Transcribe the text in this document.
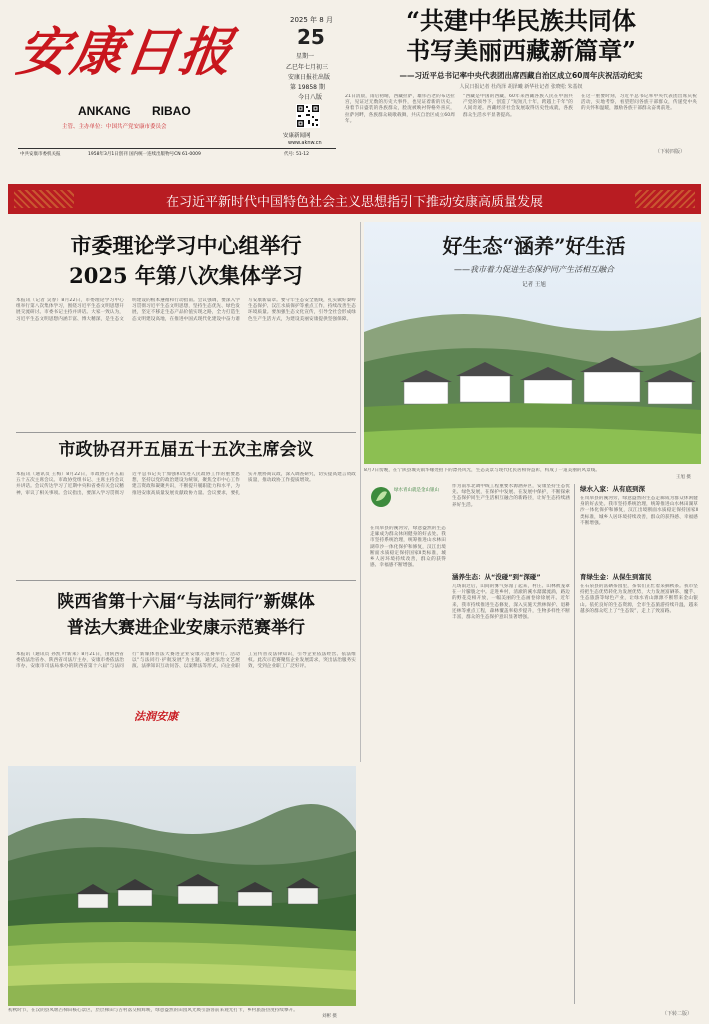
安康日报
ANKANG RIBAO
主管、主办单位：中国共产党安康市委员会
2025 年 8 月
25
星期一
乙巳年七月初三
安康日报社出版
第 19858 期
今日八版
安康新闻网
www.aknw.cn
中共安康市委机关报	1958年3月1日创刊 国内统一连续出版物号CN 61-0009	代号: 51-12
“共建中华民族共同体
书写美丽西藏新篇章”
——习近平总书记率中央代表团出席西藏自治区成立60周年庆祝活动纪实
人民日报记者 杜尚泽 胡泽曦 新华社记者 张晓松 朱基钗
21日清晨，雨后初晴，西藏拉萨，雄伟古老的布达拉宫，见证过无数的历史大事件，也见证着新的历史。身着节日盛装的各族群众，脸庞被映衬得格外喜庆，拉萨河畔，各族群众载歌载舞，共庆自治区成立60周年。
“西藏是中国的西藏，60年来西藏各族人民在中国共产党的领导下，创造了“短短几十年，跨越上千年”的人间奇迹。西藏经济社会发展取得历史性成就，各族群众生活水平显著提高。
在这一重要时刻，习近平总书记率中央代表团出席庆祝活动，实地考察，看望慰问各族干部群众，传递党中央的关怀和温暖，激励各族干部群众奋勇前进。
（下转四版）
在习近平新时代中国特色社会主义思想指引下推动安康高质量发展
市委理论学习中心组举行
2025 年第八次集体学习
本报讯（记者 吴春）8月22日，市委理论学习中心组举行第八次集体学习，围绕习近平生态文明思想开展交流研讨。市委书记主持并讲话。大家一致认为，习近平生态文明思想内涵丰富、博大精深，是生态文明建设的根本遵循和行动指南。会议强调，要深入学习贯彻习近平生态文明思想，坚持生态优先、绿色发展，坚定不移走生态产品价值实现之路，全力打造生态文明建设高地，在推进中国式现代化建设中奋力谱写安康新篇章。要守牢生态安全底线，扎实做好秦岭生态保护、汉江水质保护等重点工作，持续改善生态环境质量。要加强生态文化宣传，引导全社会形成绿色生产生活方式，为建设美丽安康提供坚强保障。
市政协召开五届五十五次主席会议
本报讯（通讯员 王梅）8月22日，市政协召开五届五十五次主席会议。市政协党组书记、主席主持会议并讲话。会议传达学习了近期中央和省委有关会议精神，审议了相关事项。会议指出，要深入学习贯彻习近平总书记关于加强和改进人民政协工作的重要思想，坚持以党的政治建设为统领，聚焦全市中心工作建言资政和凝聚共识，不断提升履职能力和水平，为推进安康高质量发展贡献政协力量。会议要求，要扎实开展协商议政，深入调查研究，切实提高建言资政质量，推动政协工作提质增效。
陕西省第十六届“与法同行”新媒体
普法大赛进企业安康示范赛举行
本报讯（通讯员 孙凯 叶新莱）8月21日，由陕西省委依法治省办、陕西省司法厅主办，安康市委依法治市办、安康市司法局承办的陕西省第十六届“与法同行”新媒体普法大赛进企业安康示范赛举行。活动以“与法同行·护航发展”为主题，通过法治文艺展演、法律知识互动问答、以案释法等形式，向企业职工宣传普及法律知识，引导企业依法经营、依法维权。此次示范赛聚焦企业发展需求，突出法治服务实效，受到企业职工广泛好评。
法润安康
初秋时节，在汉阴县凤堰古梯田核心景区，层层梯田与古村落交相辉映，绿意盎然的田园风光吸引游客前来观光打卡，乡村旅游热度持续攀升。
刘彬 摄
好生态“涵养”好生活
——我市着力促进生态保护同产生活相互融合
记者 王旭
8月7日傍晚，在宁陕县城关镇华缘处拍下的漂亮风光，生态美景与现代化民居相得益彰，构成了一道美丽的风景线。
王旭 摄
绿水青山就是金山银山
作为南水北调中线工程重要水源涵养区，安康坚持生态优先、绿色发展，在保护中发展、在发展中保护，不断探索生态保护同生产生活相互融合的新路径，让好生态持续涵养好生活。
涵养生态：从“没碰”到“深碰”
几场雨过后，山间的雾气弥漫了起来，村庄、山林被笼罩在一片朦胧之中。走进乡村，清澈的溪水潺潺流淌，路边的野花竞相开放，一幅美丽的生态画卷徐徐展开。近年来，我市持续推进生态修复，深入实施天然林保护、退耕还林等重点工程，森林覆盖率稳步提升，生物多样性不断丰富，群众的生态保护意识显著增强。
在岚皋县的溪河旁，绿意盎然的生态走廊成为群众休闲健身的好去处。我市坚持系统治理，统筹推进山水林田湖草沙一体化保护和修复，汉江出境断面水质稳定保持国家Ⅱ类标准，城乡人居环境持续改善，群众的获得感、幸福感不断增强。
绿水入家：从有底到深
在岚皋县的溪河旁，绿意盎然的生态走廊成为群众休闲健身的好去处。我市坚持系统治理，统筹推进山水林田湖草沙一体化保护和修复，汉江出境断面水质稳定保持国家Ⅱ类标准，城乡人居环境持续改善，群众的获得感、幸福感不断增强。
育绿生金：从保生到富民
在石泉县的富硒茶园里，茶农们正忙着采摘秋茶。我市坚持把生态优势转化为发展优势，大力发展富硒茶、魔芋、生态旅游等绿色产业，让绿水青山源源不断带来金山银山。依托良好的生态资源，全市生态旅游持续升温，越来越多的群众吃上了“生态饭”，走上了致富路。
（下转二版）
